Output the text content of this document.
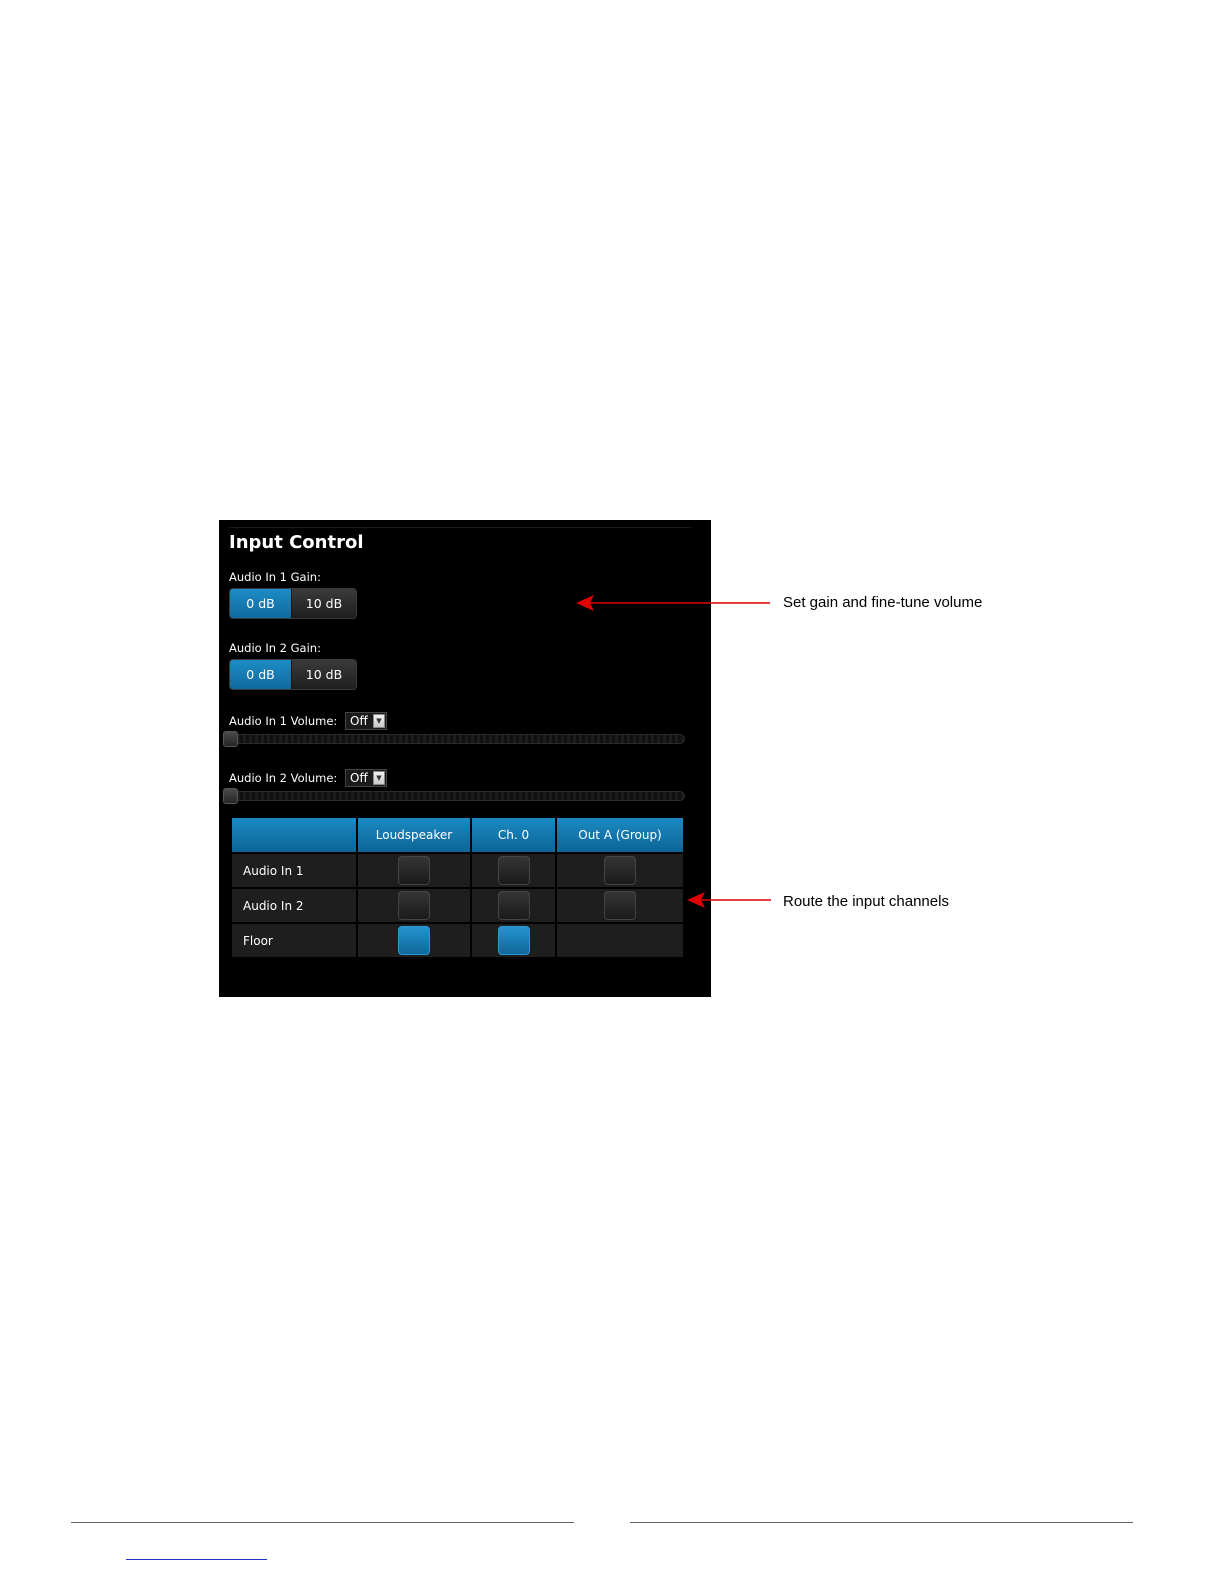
Input Control
Audio In 1 Gain:
0 dB	10 dB
Audio In 2 Gain:
0 dB	10 dB
Audio In 1 Volume:	Off	▼
Audio In 2 Volume:	Off	▼
	Loudspeaker	Ch. 0	Out A (Group)
Audio In 1			
Audio In 2			
Floor			
Set gain and fine-tune volume
Route the input channels
